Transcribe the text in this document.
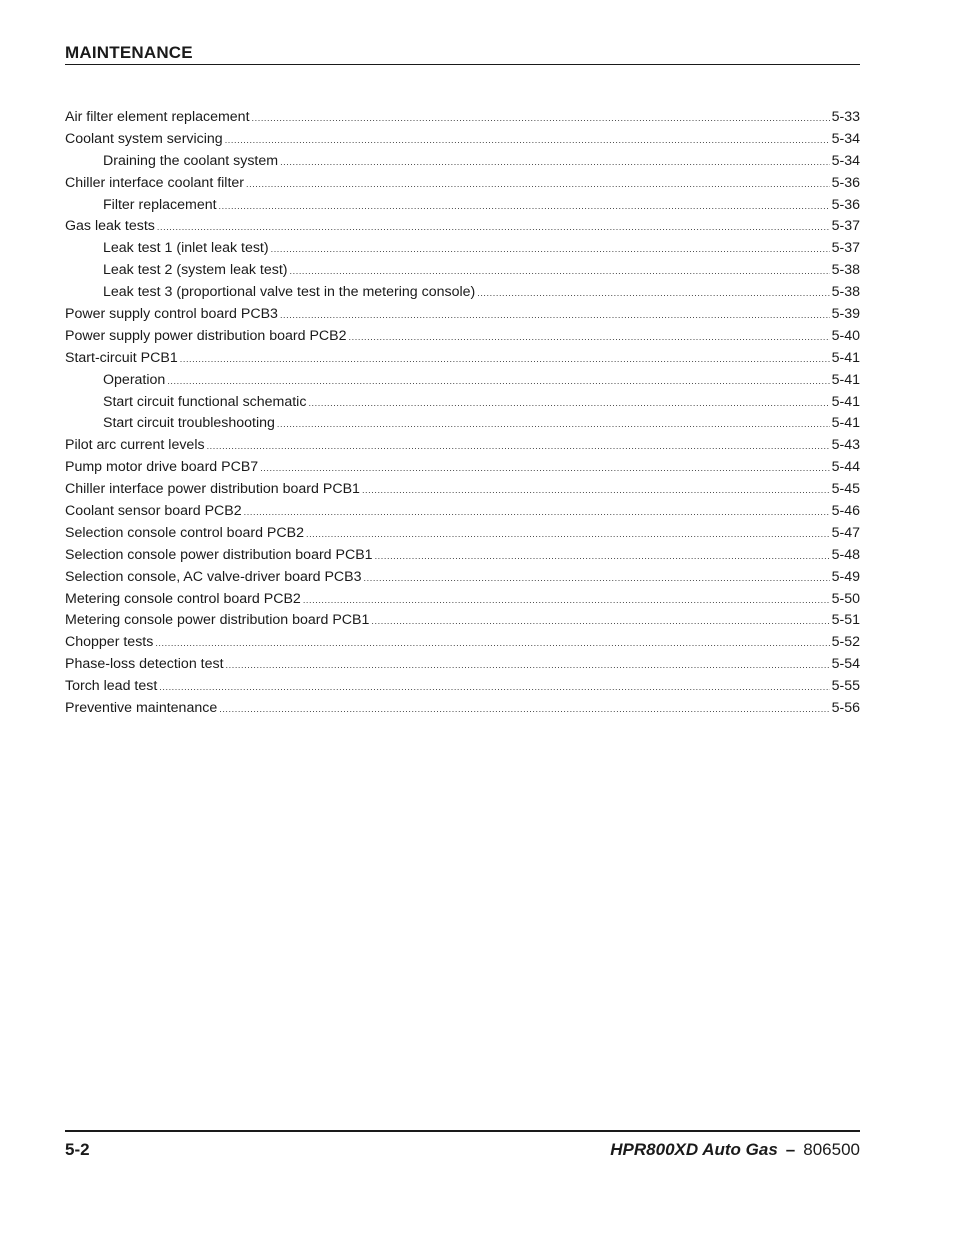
MAINTENANCE
Air filter element replacement .....	5-33
Coolant system servicing .....	5-34
Draining the coolant system .....	5-34
Chiller interface coolant filter .....	5-36
Filter replacement .....	5-36
Gas leak tests .....	5-37
Leak test 1 (inlet leak test) .....	5-37
Leak test 2 (system leak test) .....	5-38
Leak test 3 (proportional valve test in the metering console) .....	5-38
Power supply control board PCB3 .....	5-39
Power supply power distribution board PCB2 .....	5-40
Start-circuit PCB1 .....	5-41
Operation .....	5-41
Start circuit functional schematic .....	5-41
Start circuit troubleshooting .....	5-41
Pilot arc current levels .....	5-43
Pump motor drive board PCB7 .....	5-44
Chiller interface power distribution board PCB1 .....	5-45
Coolant sensor board PCB2 .....	5-46
Selection console control board PCB2 .....	5-47
Selection console power distribution board PCB1 .....	5-48
Selection console, AC valve-driver board PCB3 .....	5-49
Metering console control board PCB2 .....	5-50
Metering console power distribution board PCB1 .....	5-51
Chopper tests .....	5-52
Phase-loss detection test .....	5-54
Torch lead test .....	5-55
Preventive maintenance .....	5-56
5-2	HPR800XD Auto Gas – 806500
